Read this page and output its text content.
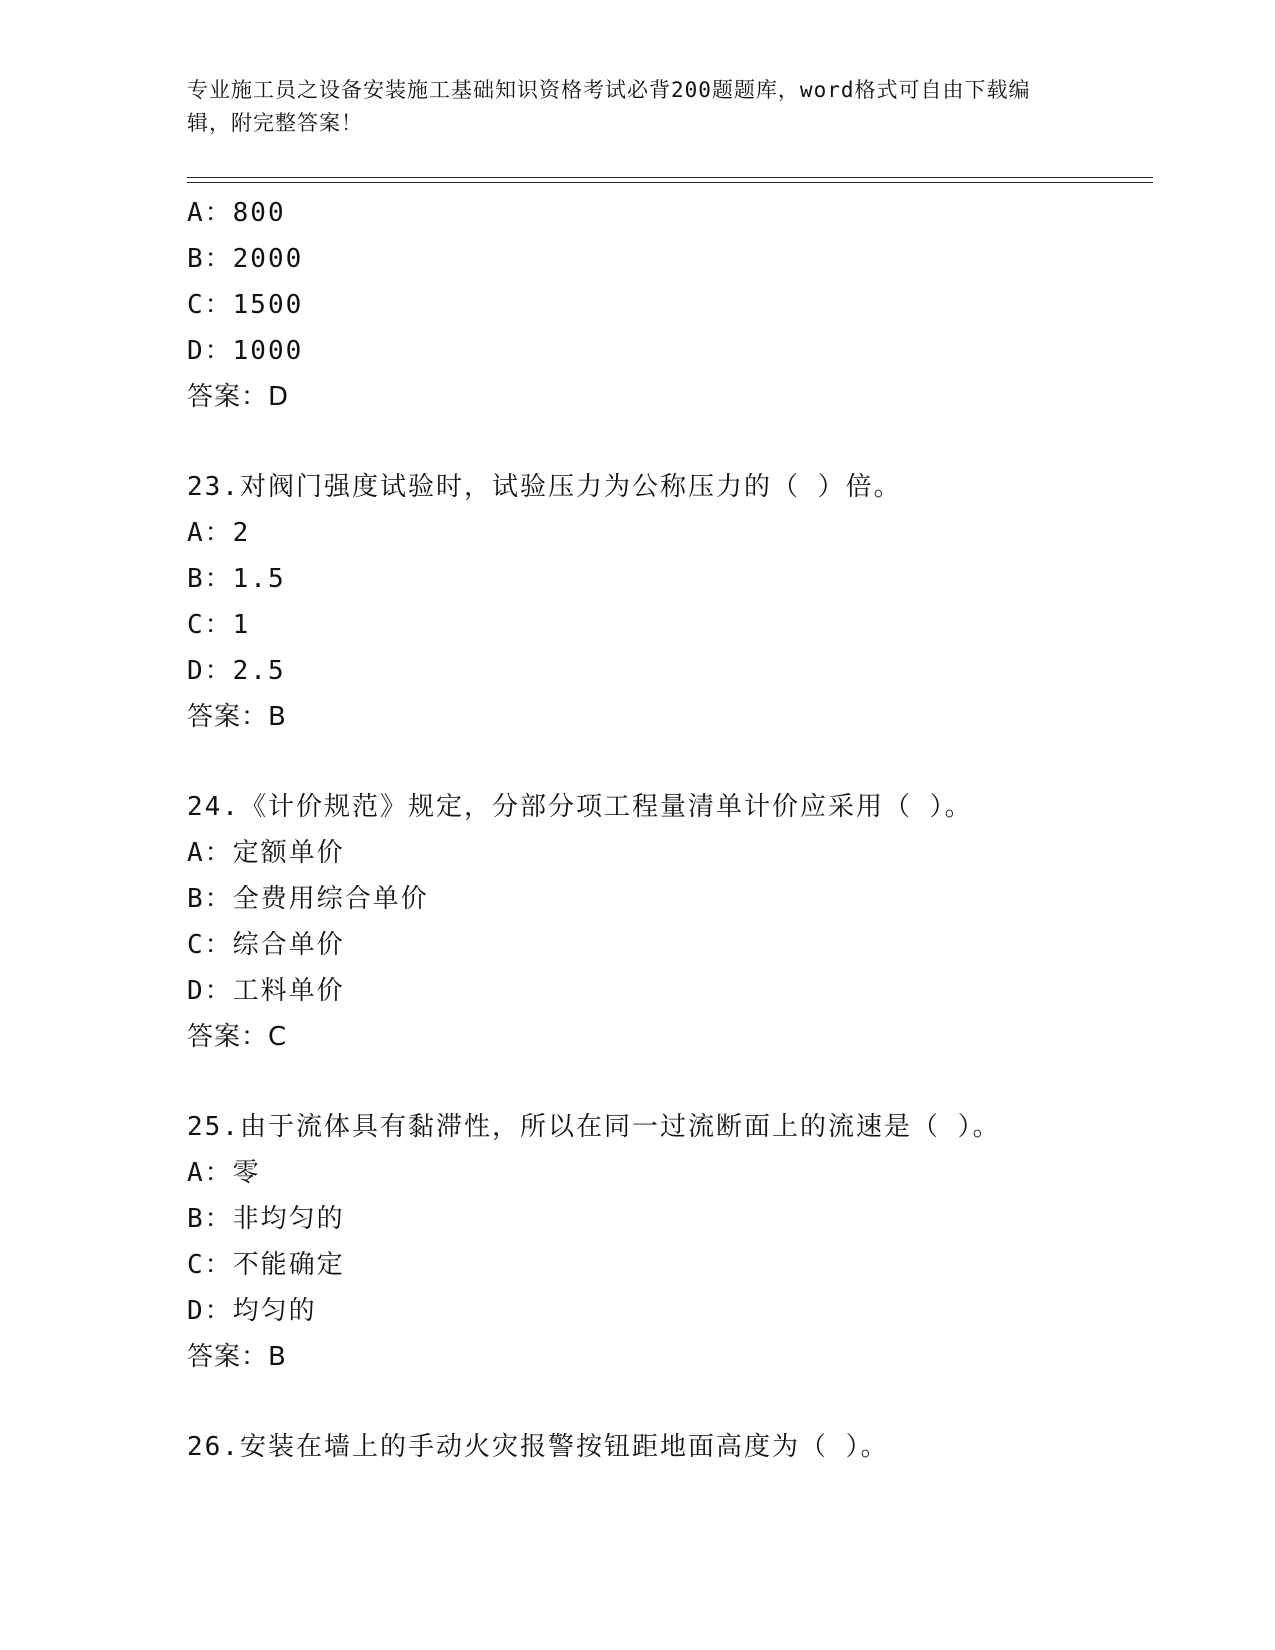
专业施工员之设备安装施工基础知识资格考试必背200题题库，word格式可自由下载编辑，附完整答案！
A：800
B：2000
C：1500
D：1000
答案：D
23.对阀门强度试验时，试验压力为公称压力的（ ）倍。
A：2
B：1.5
C：1
D：2.5
答案：B
24.《计价规范》规定，分部分项工程量清单计价应采用（ ）。
A：定额单价
B：全费用综合单价
C：综合单价
D：工料单价
答案：C
25.由于流体具有黏滞性，所以在同一过流断面上的流速是（ ）。
A：零
B：非均匀的
C：不能确定
D：均匀的
答案：B
26.安装在墙上的手动火灾报警按钮距地面高度为（ ）。
